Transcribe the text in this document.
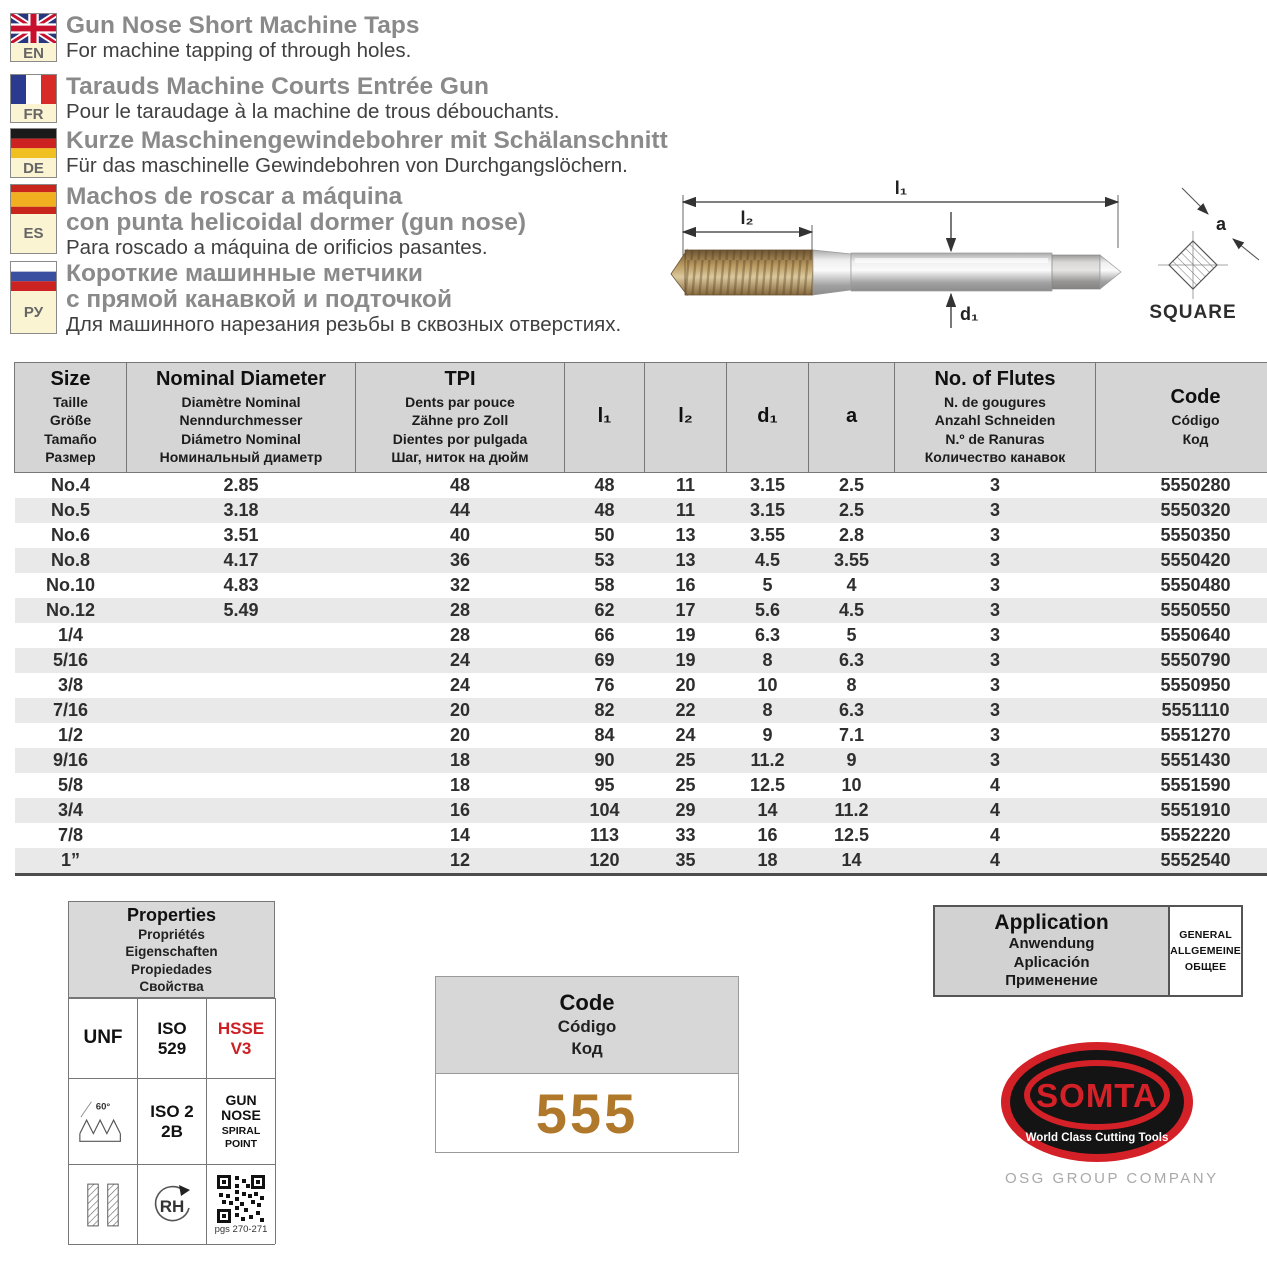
EN
Gun Nose Short Machine Taps
For machine tapping of through holes.
FR
Tarauds Machine Courts Entrée Gun
Pour le taraudage à la machine de trous débouchants.
DE
Kurze Maschinengewindebohrer mit Schälanschnitt
Für das maschinelle Gewindebohren von Durchgangslöchern.
ES
Machos de roscar a máquina
con punta helicoidal dormer (gun nose)
Para roscado a máquina de orificios pasantes.
РУ
Короткие машинные метчики
с прямой канавкой и подточкой
Для машинного нарезания резьбы в сквозных отверстиях.
l₁
l₂
d₁
a
SQUARE
Size
Taille
Größe
Tamaño
Размер

Nominal Diameter
Diamètre Nominal
Nenndurchmesser
Diámetro Nominal
Номинальный диаметр

TPI
Dents par pouce
Zähne pro Zoll
Dientes por pulgada
Шаг, ниток на дюйм

l₁	l₂	d₁	a

No. of Flutes
N. de gougures
Anzahl Schneiden
N.º de Ranuras
Количество канавок

Code
Código
Код

No.4	2.85	48	48	11	3.15	2.5	3	5550280
No.5	3.18	44	48	11	3.15	2.5	3	5550320
No.6	3.51	40	50	13	3.55	2.8	3	5550350
No.8	4.17	36	53	13	4.5	3.55	3	5550420
No.10	4.83	32	58	16	5	4	3	5550480
No.12	5.49	28	62	17	5.6	4.5	3	5550550
1/4		28	66	19	6.3	5	3	5550640
5/16		24	69	19	8	6.3	3	5550790
3/8		24	76	20	10	8	3	5550950
7/16		20	82	22	8	6.3	3	5551110
1/2		20	84	24	9	7.1	3	5551270
9/16		18	90	25	11.2	9	3	5551430
5/8		18	95	25	12.5	10	4	5551590
3/4		16	104	29	14	11.2	4	5551910
7/8		14	113	33	16	12.5	4	5552220
1”		12	120	35	18	14	4	5552540
Properties
Propriétés
Eigenschaften
Propiedades
Свойства
UNF ISO
529
HSSE
V3
60° ISO 2
2B
GUN
NOSE
SPIRAL
POINT
RH
pgs 270-271
Code
Código
Код
555
Application
Anwendung
Aplicación
Применение
GENERAL
ALLGEMEINE
ОБЩЕЕ
SOMTA
World Class Cutting Tools
OSG GROUP COMPANY
